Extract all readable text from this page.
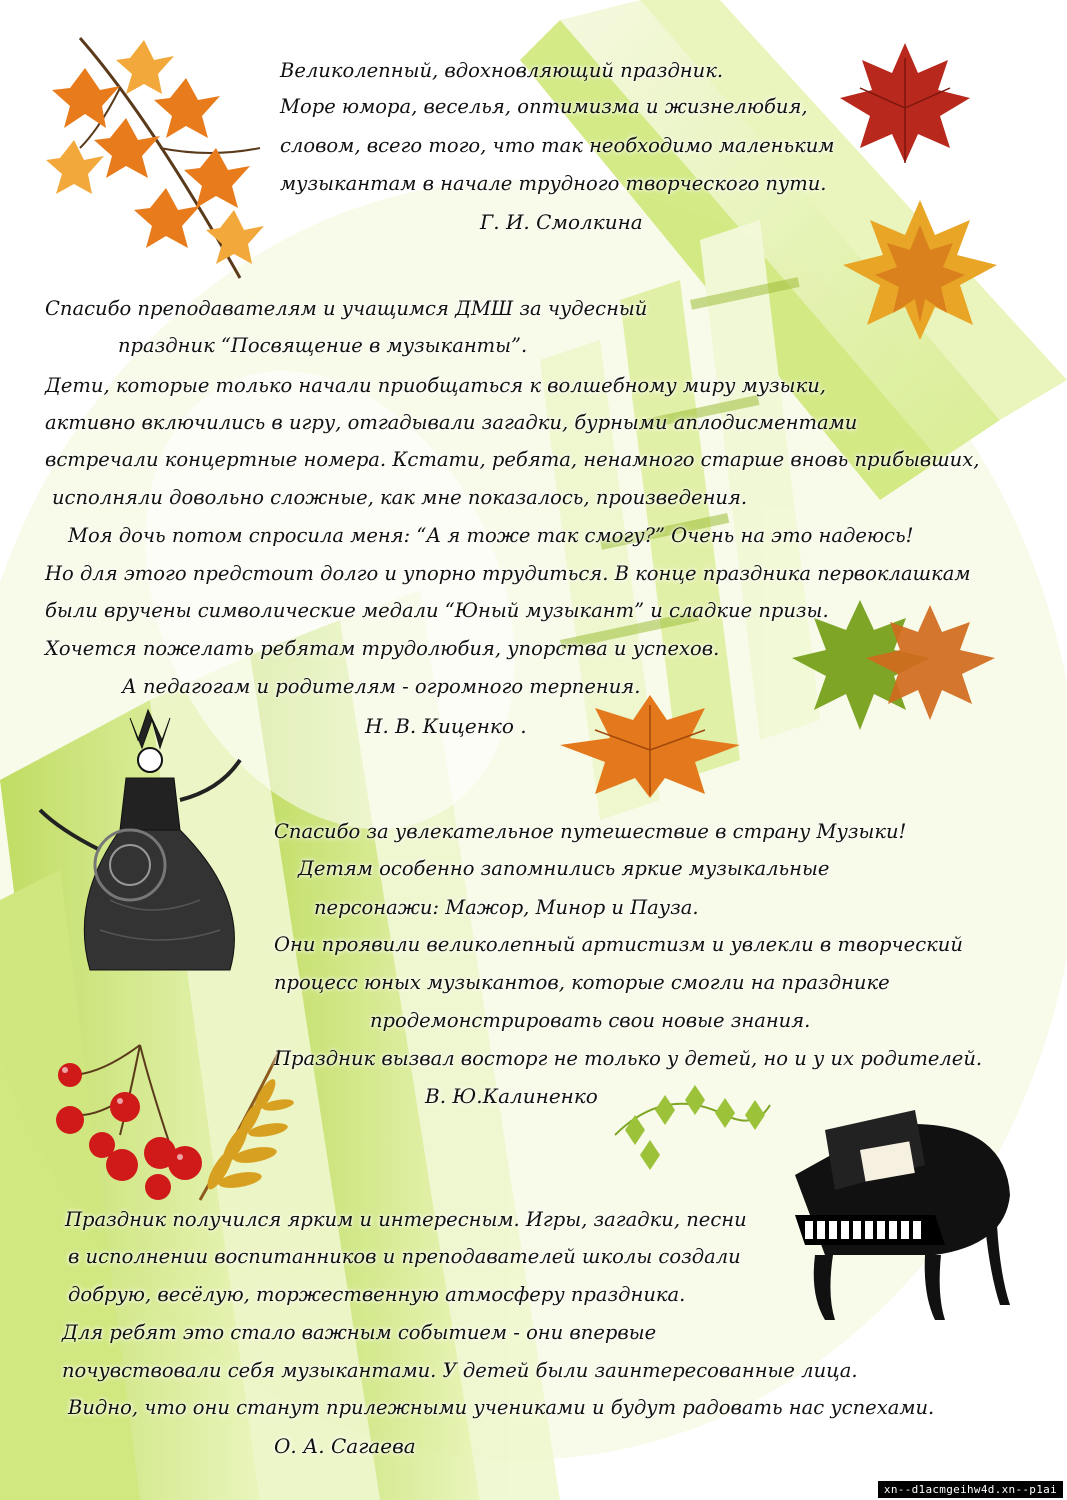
Великолепный, вдохновляющий праздник.

Море юмора, веселья, оптимизма и жизнелюбия,

словом, всего того, что так необходимо маленьким

музыкантам в начале трудного творческого пути.

Г. И. Смолкина

Спасибо преподавателям и учащимся ДМШ за чудесный

праздник “Посвящение в музыканты”.

Дети, которые только начали приобщаться к волшебному миру музыки,

активно включились в игру, отгадывали загадки, бурными аплодисментами

встречали концертные номера. Кстати, ребята, ненамного старше вновь прибывших,

исполняли довольно сложные, как мне показалось, произведения.

Моя дочь потом спросила меня: “А я тоже так смогу?” Очень на это надеюсь!

Но для этого предстоит долго и упорно трудиться. В конце праздника первоклашкам

были вручены символические медали “Юный музыкант” и сладкие призы.

Хочется пожелать ребятам трудолюбия, упорства и успехов.

А педагогам и родителям - огромного терпения.

Н. В. Киценко .

Спасибо за увлекательное путешествие в страну Музыки!

Детям особенно запомнились яркие музыкальные

персонажи: Мажор, Минор и Пауза.

Они проявили великолепный артистизм и увлекли в творческий

процесс юных музыкантов, которые смогли на празднике

продемонстрировать свои новые знания.

Праздник вызвал восторг не только у детей, но и у их родителей.

В. Ю.Калиненко

Праздник получился ярким и интересным. Игры, загадки, песни

в исполнении воспитанников и преподавателей школы создали

добрую, весёлую, торжественную атмосферу праздника.

Для ребят это стало важным событием - они впервые

почувствовали себя музыкантами. У детей были заинтересованные лица.

Видно, что они станут прилежными учениками и будут радовать нас успехами.

О. А. Сагаева

xn--d1acmgeihw4d.xn--p1ai
